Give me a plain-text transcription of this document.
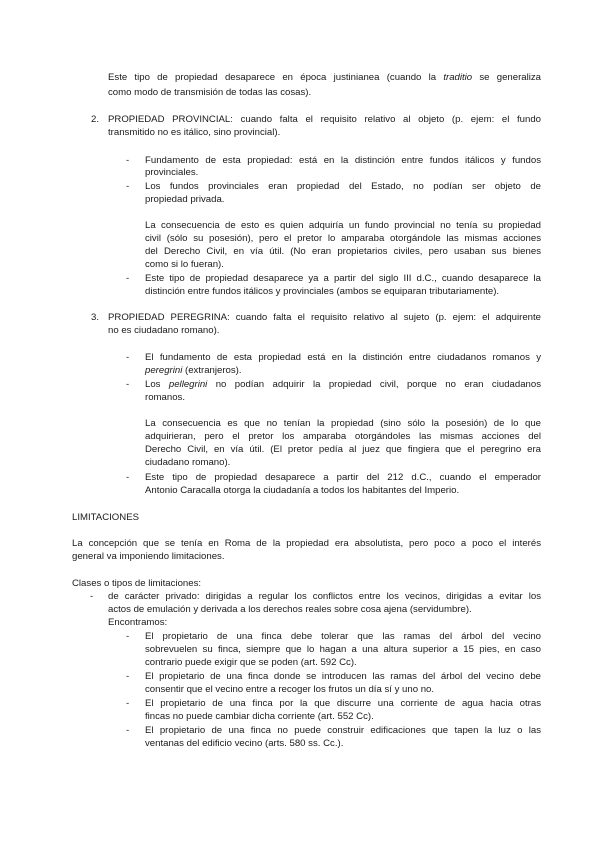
Este tipo de propiedad desaparece en época justinianea (cuando la traditio se generaliza
como modo de transmisión de todas las cosas).
2. PROPIEDAD PROVINCIAL: cuando falta el requisito relativo al objeto (p. ejem: el fundo
transmitido no es itálico, sino provincial).
- Fundamento de esta propiedad: está en la distinción entre fundos itálicos y fundos
provinciales.
- Los fundos provinciales eran propiedad del Estado, no podían ser objeto de
propiedad privada.
La consecuencia de esto es quien adquiría un fundo provincial no tenía su propiedad
civil (sólo su posesión), pero el pretor lo amparaba otorgándole las mismas acciones
del Derecho Civil, en vía útil. (No eran propietarios civiles, pero usaban sus bienes
como si lo fueran).
- Este tipo de propiedad desaparece ya a partir del siglo III d.C., cuando desaparece la
distinción entre fundos itálicos y provinciales (ambos se equiparan tributariamente).
3. PROPIEDAD PEREGRINA: cuando falta el requisito relativo al sujeto (p. ejem: el adquirente
no es ciudadano romano).
- El fundamento de esta propiedad está en la distinción entre ciudadanos romanos y
peregrini (extranjeros).
- Los pellegrini no podían adquirir la propiedad civil, porque no eran ciudadanos
romanos.
La consecuencia es que no tenían la propiedad (sino sólo la posesión) de lo que
adquirieran, pero el pretor los amparaba otorgándoles las mismas acciones del
Derecho Civil, en vía útil. (El pretor pedía al juez que fingiera que el peregrino era
ciudadano romano).
- Este tipo de propiedad desaparece a partir del 212 d.C., cuando el emperador
Antonio Caracalla otorga la ciudadanía a todos los habitantes del Imperio.
LIMITACIONES
La concepción que se tenía en Roma de la propiedad era absolutista, pero poco a poco el interés
general va imponiendo limitaciones.
Clases o tipos de limitaciones:
- de carácter privado: dirigidas a regular los conflictos entre los vecinos, dirigidas a evitar los
actos de emulación y derivada a los derechos reales sobre cosa ajena (servidumbre).
Encontramos:
- El propietario de una finca debe tolerar que las ramas del árbol del vecino
sobrevuelen su finca, siempre que lo hagan a una altura superior a 15 pies, en caso
contrario puede exigir que se poden (art. 592 Cc).
- El propietario de una finca donde se introducen las ramas del árbol del vecino debe
consentir que el vecino entre a recoger los frutos un día sí y uno no.
- El propietario de una finca por la que discurre una corriente de agua hacia otras
fincas no puede cambiar dicha corriente (art. 552 Cc).
- El propietario de una finca no puede construir edificaciones que tapen la luz o las
ventanas del edificio vecino (arts. 580 ss. Cc.).
